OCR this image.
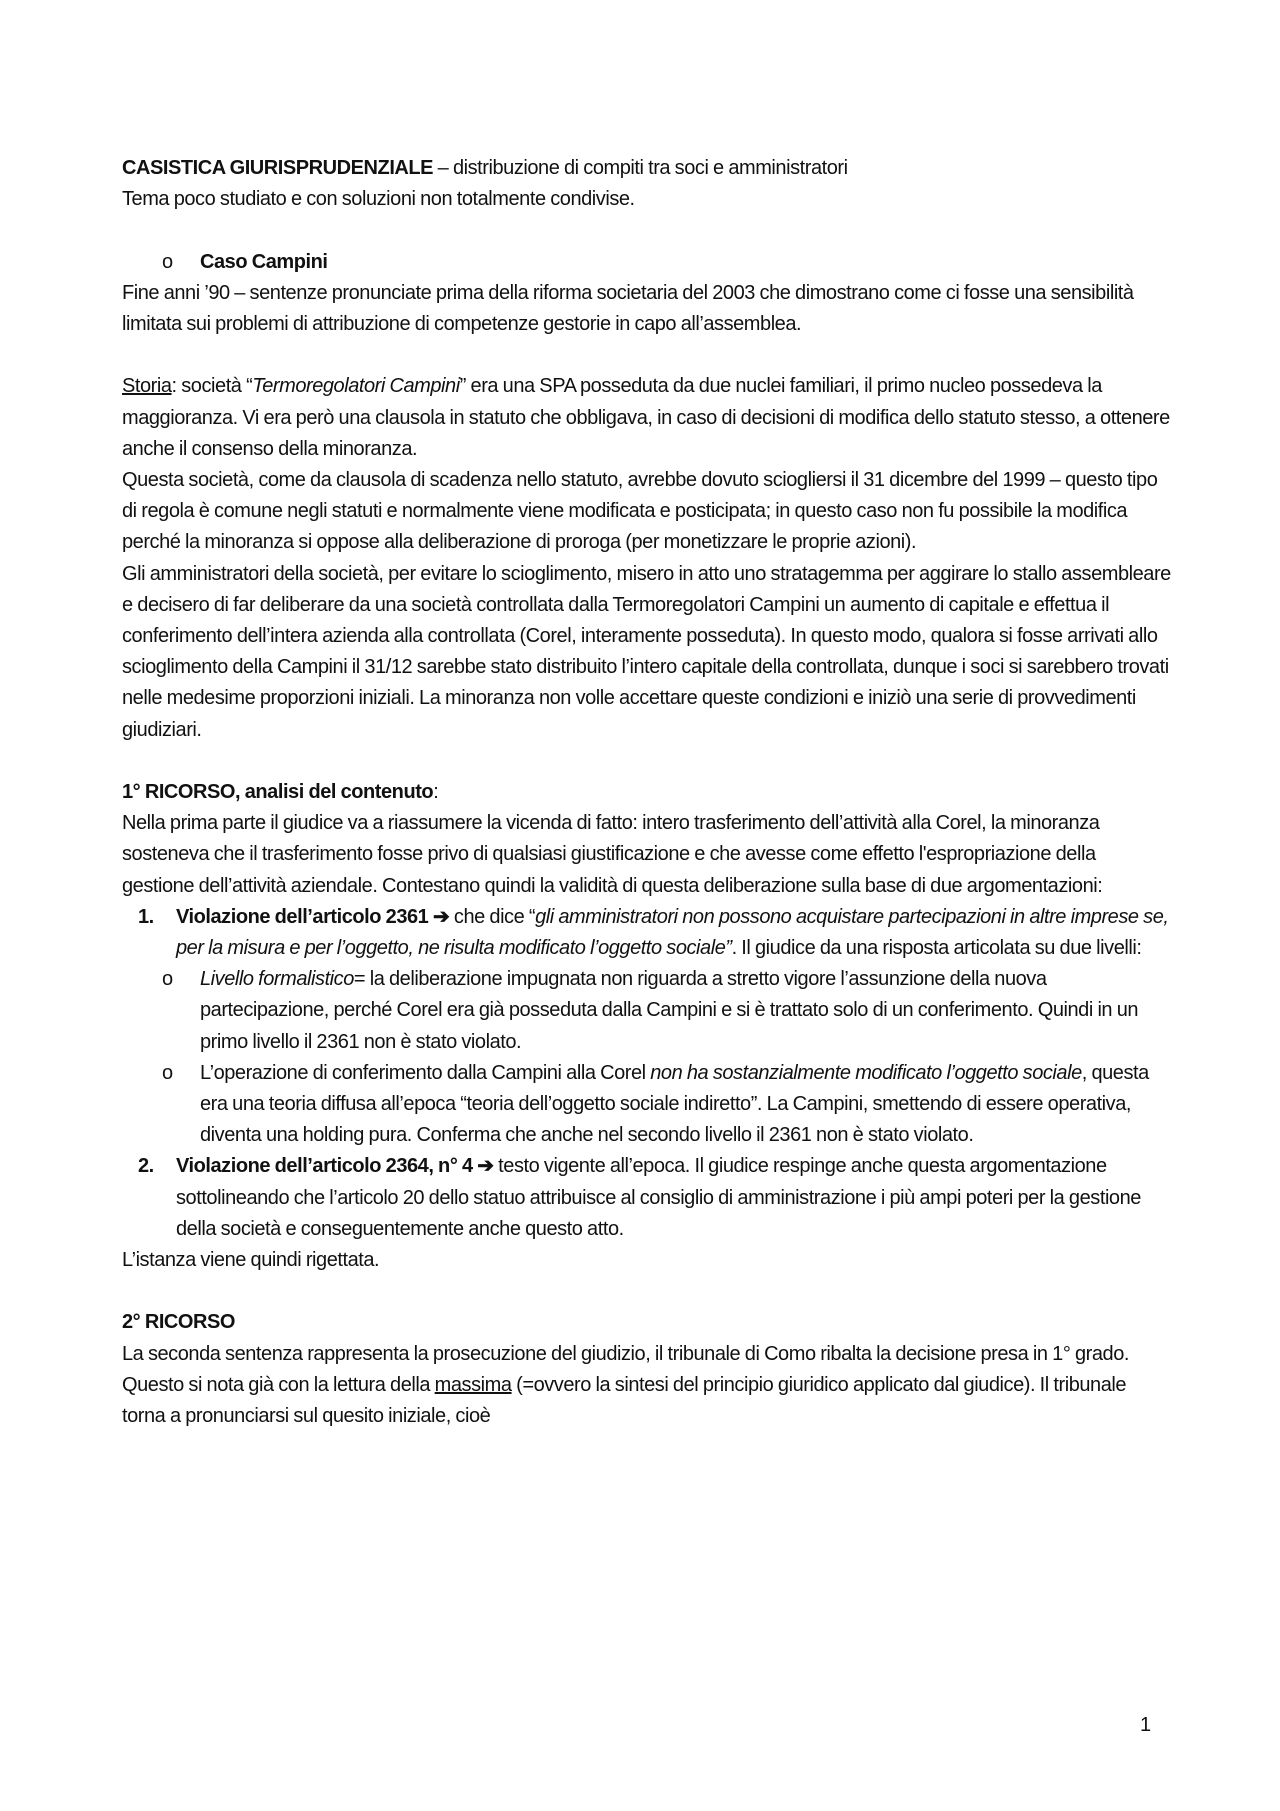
CASISTICA GIURISPRUDENZIALE – distribuzione di compiti tra soci e amministratori

Tema poco studiato e con soluzioni non totalmente condivise.

o Caso Campini

Fine anni ’90 – sentenze pronunciate prima della riforma societaria del 2003 che dimostrano come ci fosse una sensibilità limitata sui problemi di attribuzione di competenze gestorie in capo all’assemblea.

Storia: società “Termoregolatori Campini” era una SPA posseduta da due nuclei familiari, il primo nucleo possedeva la maggioranza. Vi era però una clausola in statuto che obbligava, in caso di decisioni di modifica dello statuto stesso, a ottenere anche il consenso della minoranza.

Questa società, come da clausola di scadenza nello statuto, avrebbe dovuto sciogliersi il 31 dicembre del 1999 – questo tipo di regola è comune negli statuti e normalmente viene modificata e posticipata; in questo caso non fu possibile la modifica perché la minoranza si oppose alla deliberazione di proroga (per monetizzare le proprie azioni).

Gli amministratori della società, per evitare lo scioglimento, misero in atto uno stratagemma per aggirare lo stallo assembleare e decisero di far deliberare da una società controllata dalla Termoregolatori Campini un aumento di capitale e effettua il conferimento dell’intera azienda alla controllata (Corel, interamente posseduta). In questo modo, qualora si fosse arrivati allo scioglimento della Campini il 31/12 sarebbe stato distribuito l’intero capitale della controllata, dunque i soci si sarebbero trovati nelle medesime proporzioni iniziali. La minoranza non volle accettare queste condizioni e iniziò una serie di provvedimenti giudiziari.

1° RICORSO, analisi del contenuto:

Nella prima parte il giudice va a riassumere la vicenda di fatto: intero trasferimento dell’attività alla Corel, la minoranza sosteneva che il trasferimento fosse privo di qualsiasi giustificazione e che avesse come effetto l'espropriazione della gestione dell’attività aziendale. Contestano quindi la validità di questa deliberazione sulla base di due argomentazioni:

1. Violazione dell’articolo 2361 ➔ che dice “gli amministratori non possono acquistare partecipazioni in altre imprese se, per la misura e per l’oggetto, ne risulta modificato l’oggetto sociale”. Il giudice da una risposta articolata su due livelli:
o Livello formalistico= la deliberazione impugnata non riguarda a stretto vigore l’assunzione della nuova partecipazione, perché Corel era già posseduta dalla Campini e si è trattato solo di un conferimento. Quindi in un primo livello il 2361 non è stato violato.
o L’operazione di conferimento dalla Campini alla Corel non ha sostanzialmente modificato l’oggetto sociale, questa era una teoria diffusa all’epoca “teoria dell’oggetto sociale indiretto”. La Campini, smettendo di essere operativa, diventa una holding pura. Conferma che anche nel secondo livello il 2361 non è stato violato.
2. Violazione dell’articolo 2364, n° 4 ➔ testo vigente all’epoca. Il giudice respinge anche questa argomentazione sottolineando che l’articolo 20 dello statuo attribuisce al consiglio di amministrazione i più ampi poteri per la gestione della società e conseguentemente anche questo atto.

L’istanza viene quindi rigettata.

2° RICORSO

La seconda sentenza rappresenta la prosecuzione del giudizio, il tribunale di Como ribalta la decisione presa in 1° grado. Questo si nota già con la lettura della massima (=ovvero la sintesi del principio giuridico applicato dal giudice). Il tribunale torna a pronunciarsi sul quesito iniziale, cioè

1
